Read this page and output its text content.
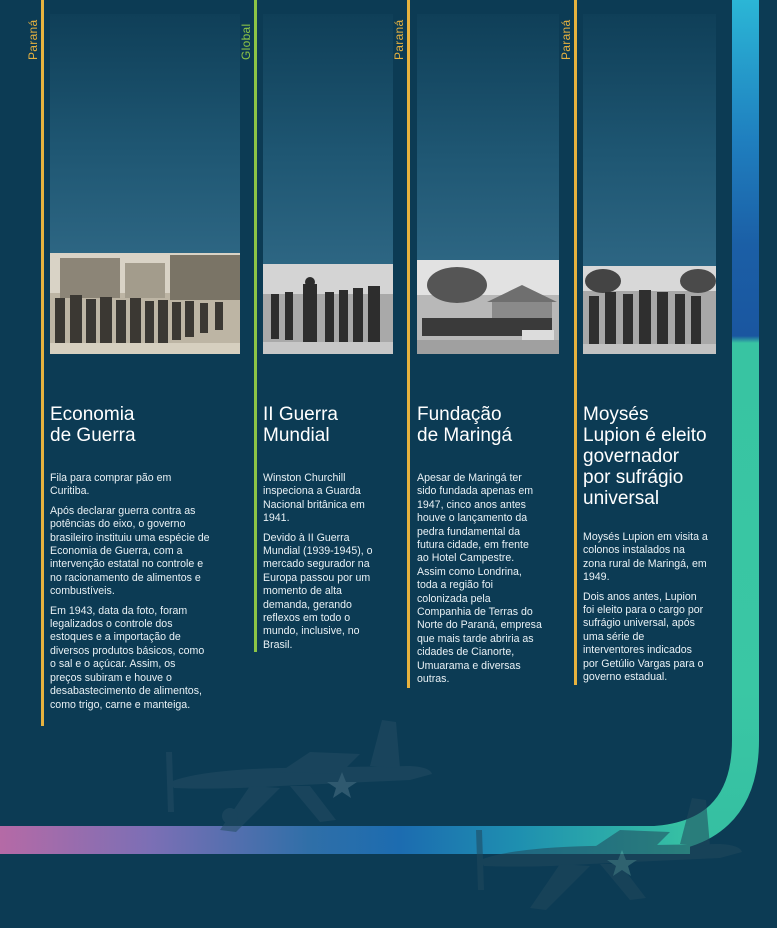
Paraná
Economia
de Guerra

Fila para comprar pão em Curitiba.

Após declarar guerra contra as potências do eixo, o governo brasileiro instituiu uma espécie de Economia de Guerra, com a intervenção estatal no controle e no racionamento de alimentos e combustíveis.

Em 1943, data da foto, foram legalizados o controle dos estoques e a importação de diversos produtos básicos, como o sal e o açúcar. Assim, os preços subiram e houve o desabastecimento de alimentos, como trigo, carne e manteiga.

Global
II Guerra
Mundial

Winston Churchill inspeciona a Guarda Nacional britânica em 1941.

Devido à II Guerra Mundial (1939-1945), o mercado segurador na Europa passou por um momento de alta demanda, gerando reflexos em todo o mundo, inclusive, no Brasil.

Paraná
Fundação
de Maringá

Apesar de Maringá ter sido fundada apenas em 1947, cinco anos antes houve o lançamento da pedra fundamental da futura cidade, em frente ao Hotel Campestre. Assim como Londrina, toda a região foi colonizada pela Companhia de Terras do Norte do Paraná, empresa que mais tarde abriria as cidades de Cianorte, Umuarama e diversas outras.

Paraná
Moysés
Lupion é eleito
governador
por sufrágio
universal

Moysés Lupion em visita a colonos instalados na zona rural de Maringá, em 1949.

Dois anos antes, Lupion foi eleito para o cargo por sufrágio universal, após uma série de interventores indicados por Getúlio Vargas para o governo estadual.
